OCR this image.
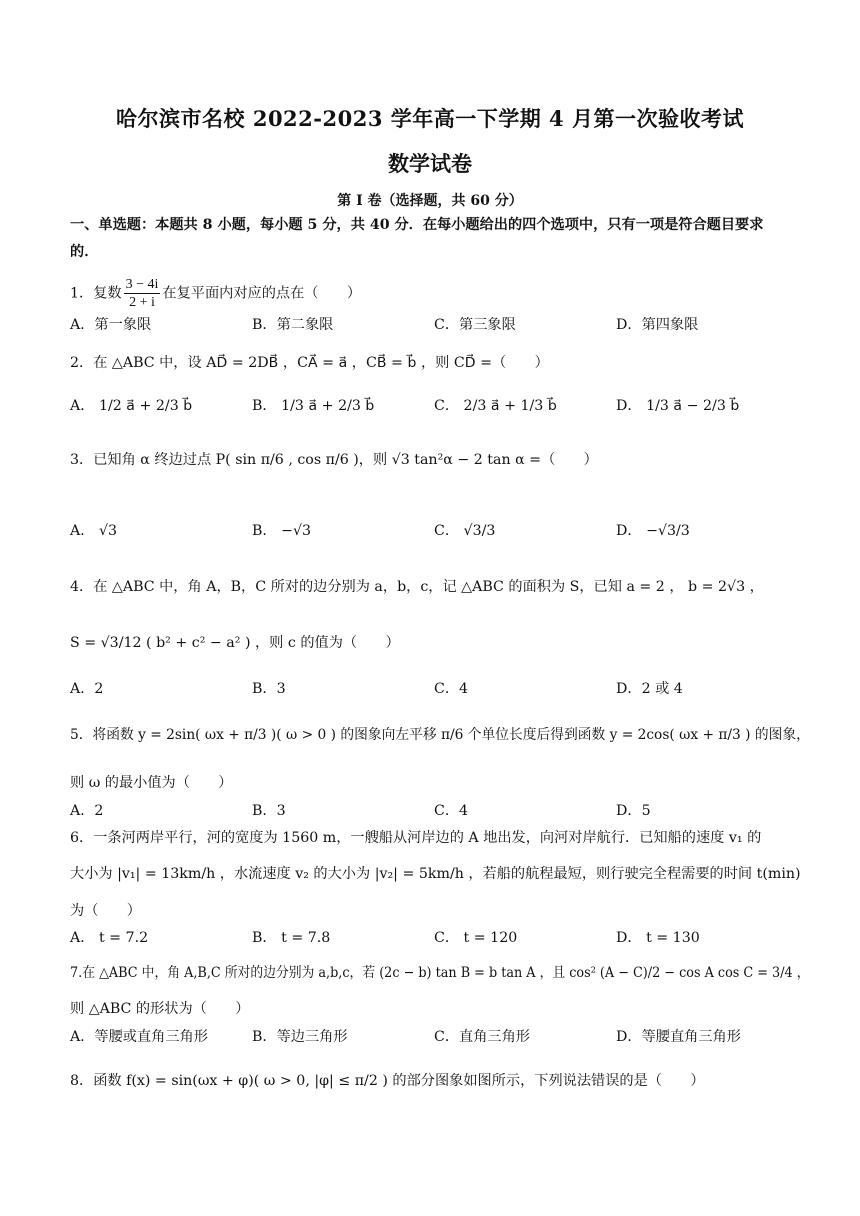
哈尔滨市名校 2022-2023 学年高一下学期 4 月第一次验收考试
数学试卷
第 I 卷（选择题，共 60 分）
一、单选题：本题共 8 小题，每小题 5 分，共 40 分．在每小题给出的四个选项中，只有一项是符合题目要求
的．
1．复数 $\frac{3 - 4i}{2 + i}$ 在复平面内对应的点在（　　）
A．第一象限	B．第二象限	C．第三象限	D．第四象限
2．在 △ABC 中，设 AD⃗ = 2DB⃗ ，CA⃗ = a⃗ ，CB⃗ = b⃗ ，则 CD⃗ =（　　）
A． 1/2 a⃗ + 2/3 b⃗	B． 1/3 a⃗ + 2/3 b⃗	C． 2/3 a⃗ + 1/3 b⃗	D． 1/3 a⃗ − 2/3 b⃗
3．已知角 α 终边过点 P( sin π/6 , cos π/6 )，则 √3 tan²α − 2 tan α =（　　）
A． √3	B． −√3	C． √3/3	D． −√3/3
4．在 △ABC 中，角 A，B，C 所对的边分别为 a，b，c，记 △ABC 的面积为 S，已知 a = 2 ， b = 2√3 ，
S = √3/12 ( b² + c² − a² ) ，则 c 的值为（　　）
A．2	B．3	C．4	D．2 或 4
5．将函数 y = 2sin( ωx + π/3 )( ω > 0 ) 的图象向左平移 π/6 个单位长度后得到函数 y = 2cos( ωx + π/3 ) 的图象，
则 ω 的最小值为（　　）
A．2	B．3	C．4	D．5
6．一条河两岸平行，河的宽度为 1560 m，一艘船从河岸边的 A 地出发，向河对岸航行．已知船的速度 v₁ 的
大小为 |v₁| = 13km/h ，水流速度 v₂ 的大小为 |v₂| = 5km/h ，若船的航程最短，则行驶完全程需要的时间 t(min)
为（　　）
A． t = 7.2	B． t = 7.8	C． t = 120	D． t = 130
7.在 △ABC 中，角 A,B,C 所对的边分别为 a,b,c，若 (2c − b) tan B = b tan A ，且 cos² (A − C)/2 − cos A cos C = 3/4 ，
则 △ABC 的形状为（　　）
A．等腰或直角三角形	B．等边三角形	C．直角三角形	D．等腰直角三角形
8．函数 f(x) = sin(ωx + φ)( ω > 0, |φ| ≤ π/2 ) 的部分图象如图所示，下列说法错误的是（　　）
